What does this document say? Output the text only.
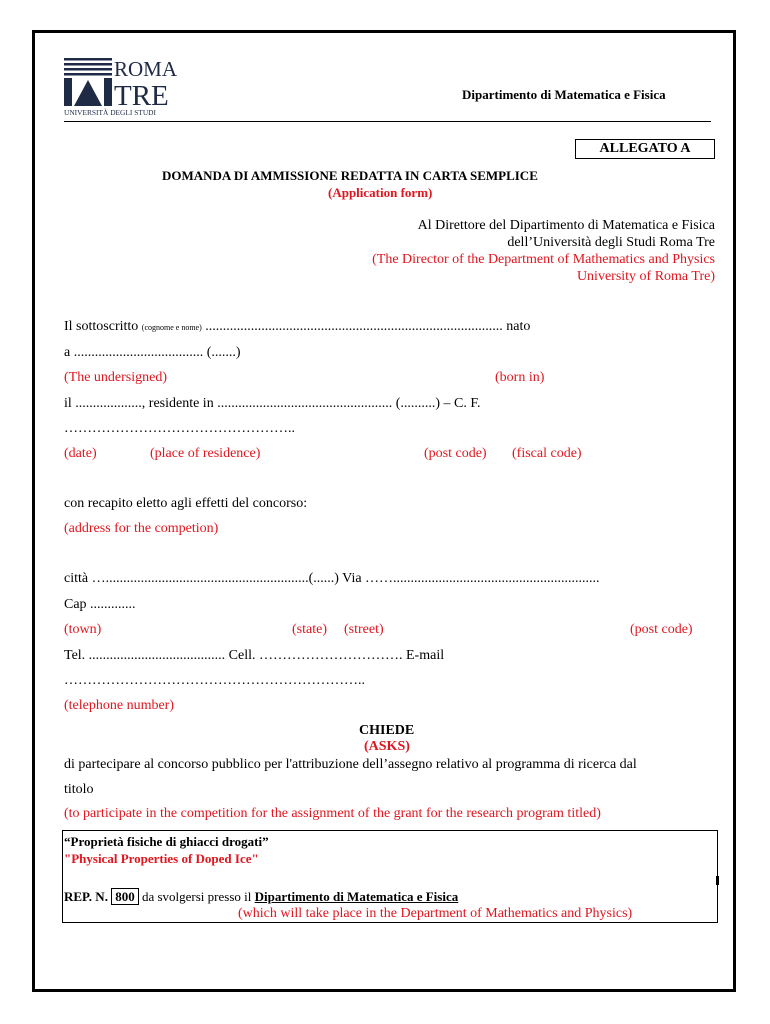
ROMA
TRE
UNIVERSITÀ DEGLI STUDI
Dipartimento di Matematica e Fisica
ALLEGATO A
DOMANDA DI AMMISSIONE REDATTA IN CARTA SEMPLICE
(Application form)
Al Direttore del Dipartimento di Matematica e Fisica
dell’Università degli Studi Roma Tre
(The Director of the Department of Mathematics and Physics
University of Roma Tre)
Il sottoscritto (cognome e nome) ..................................................................................... nato
a ..................................... (.......)
(The undersigned)	(born in)
il ..................., residente in .................................................. (..........) – C. F.
…………………………………………..
(date)	(place of residence)	(post code) (fiscal code)
con recapito eletto agli effetti del concorso:
(address for the competion)
città …..........................................................(......) Via ……...........................................................
Cap .............
(town)	(state) (street)	(post code)
Tel. ....................................... Cell. …………………………. E-mail
………………………………………………………..
(telephone number)
CHIEDE
(ASKS)
di partecipare al concorso pubblico per l'attribuzione dell’assegno relativo al programma di ricerca dal
titolo
(to participate in the competition for the assignment of the grant for the research program titled)
“Proprietà fisiche di ghiacci drogati”
"Physical Properties of Doped Ice"
REP. N. 800 da svolgersi presso il Dipartimento di Matematica e Fisica
(which will take place in the Department of Mathematics and Physics)
